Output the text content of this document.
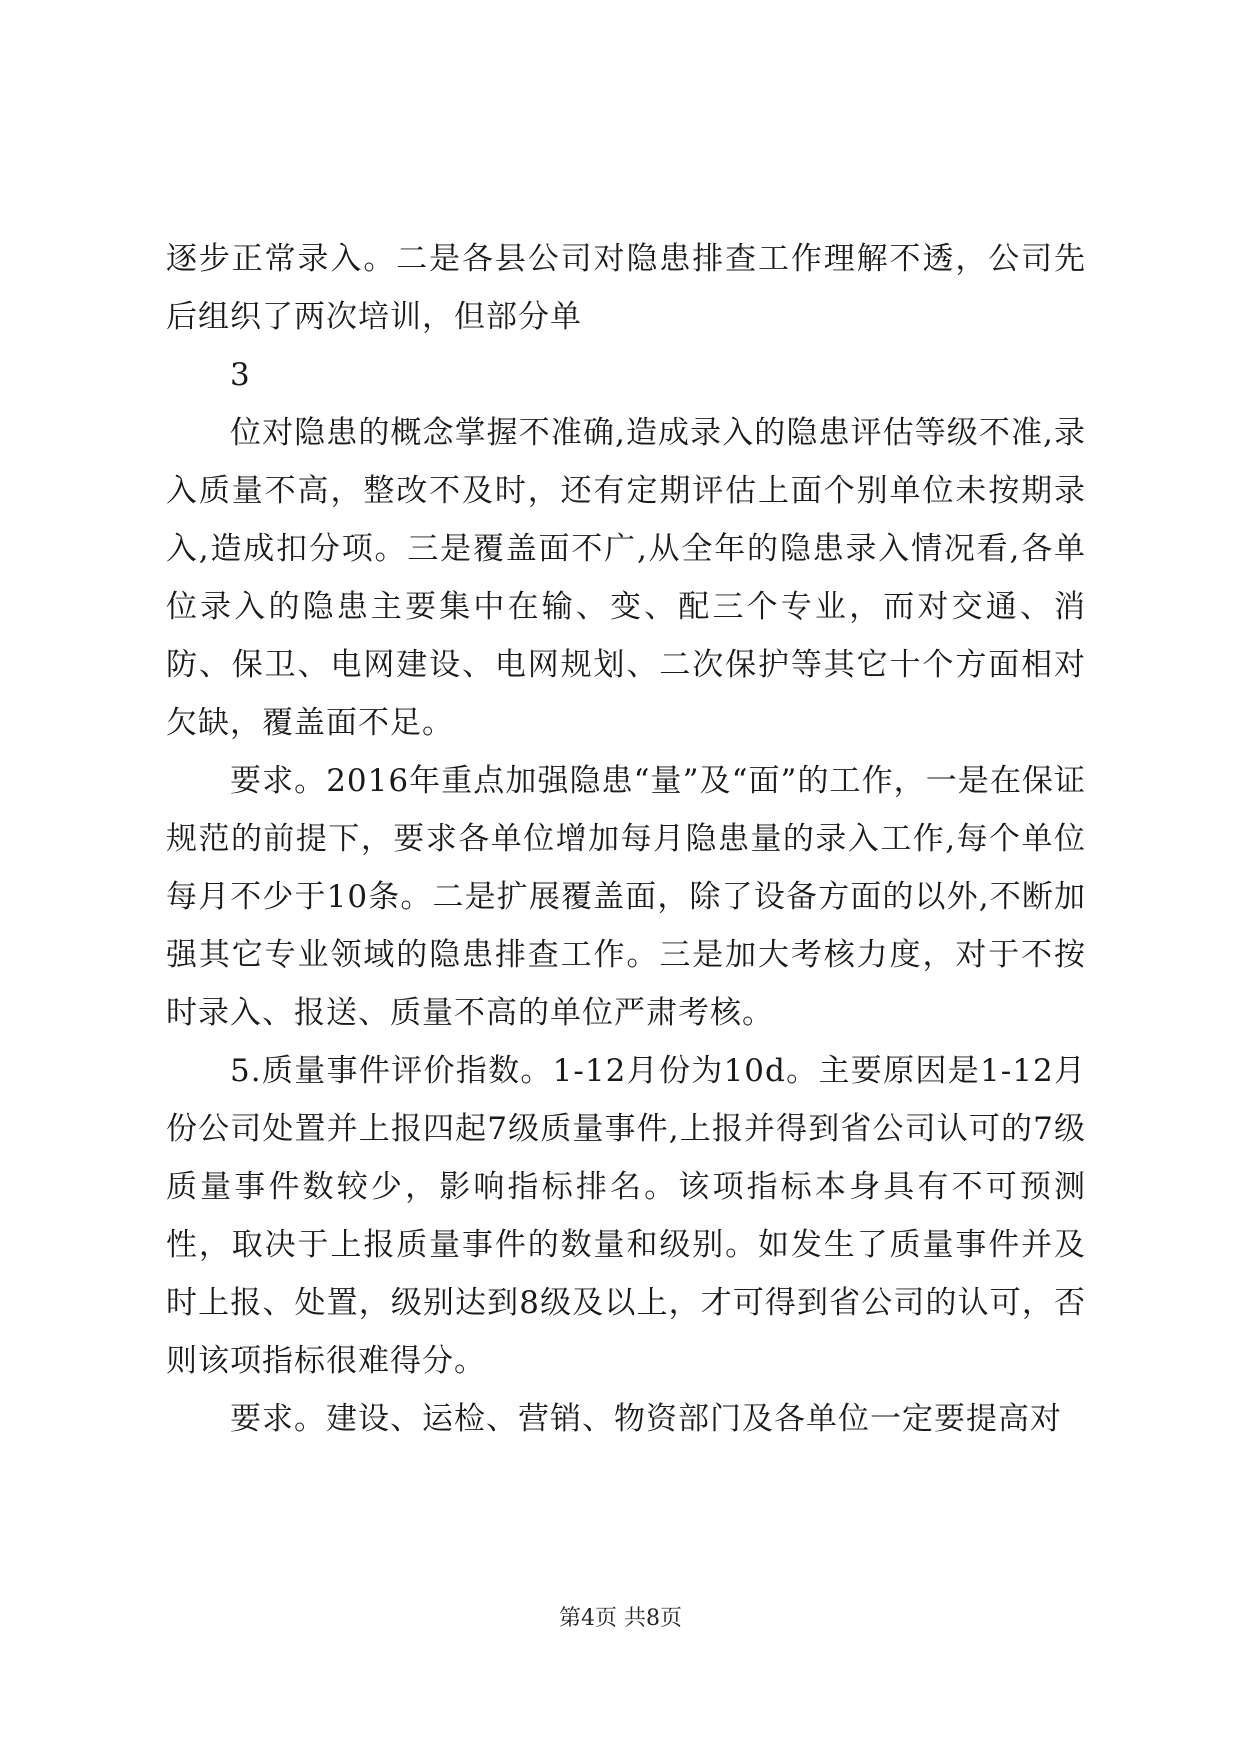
逐步正常录入。二是各县公司对隐患排查工作理解不透，公司先后组织了两次培训，但部分单

3

位对隐患的概念掌握不准确,造成录入的隐患评估等级不准,录入质量不高，整改不及时，还有定期评估上面个别单位未按期录入,造成扣分项。三是覆盖面不广,从全年的隐患录入情况看,各单位录入的隐患主要集中在输、变、配三个专业，而对交通、消防、保卫、电网建设、电网规划、二次保护等其它十个方面相对欠缺，覆盖面不足。

要求。2016年重点加强隐患“量”及“面”的工作，一是在保证规范的前提下，要求各单位增加每月隐患量的录入工作,每个单位每月不少于10条。二是扩展覆盖面，除了设备方面的以外,不断加强其它专业领域的隐患排查工作。三是加大考核力度，对于不按时录入、报送、质量不高的单位严肃考核。

5.质量事件评价指数。1-12月份为10d。主要原因是1-12月份公司处置并上报四起7级质量事件,上报并得到省公司认可的7级质量事件数较少，影响指标排名。该项指标本身具有不可预测性，取决于上报质量事件的数量和级别。如发生了质量事件并及时上报、处置，级别达到8级及以上，才可得到省公司的认可，否则该项指标很难得分。

要求。建设、运检、营销、物资部门及各单位一定要提高对

第4页 共8页
